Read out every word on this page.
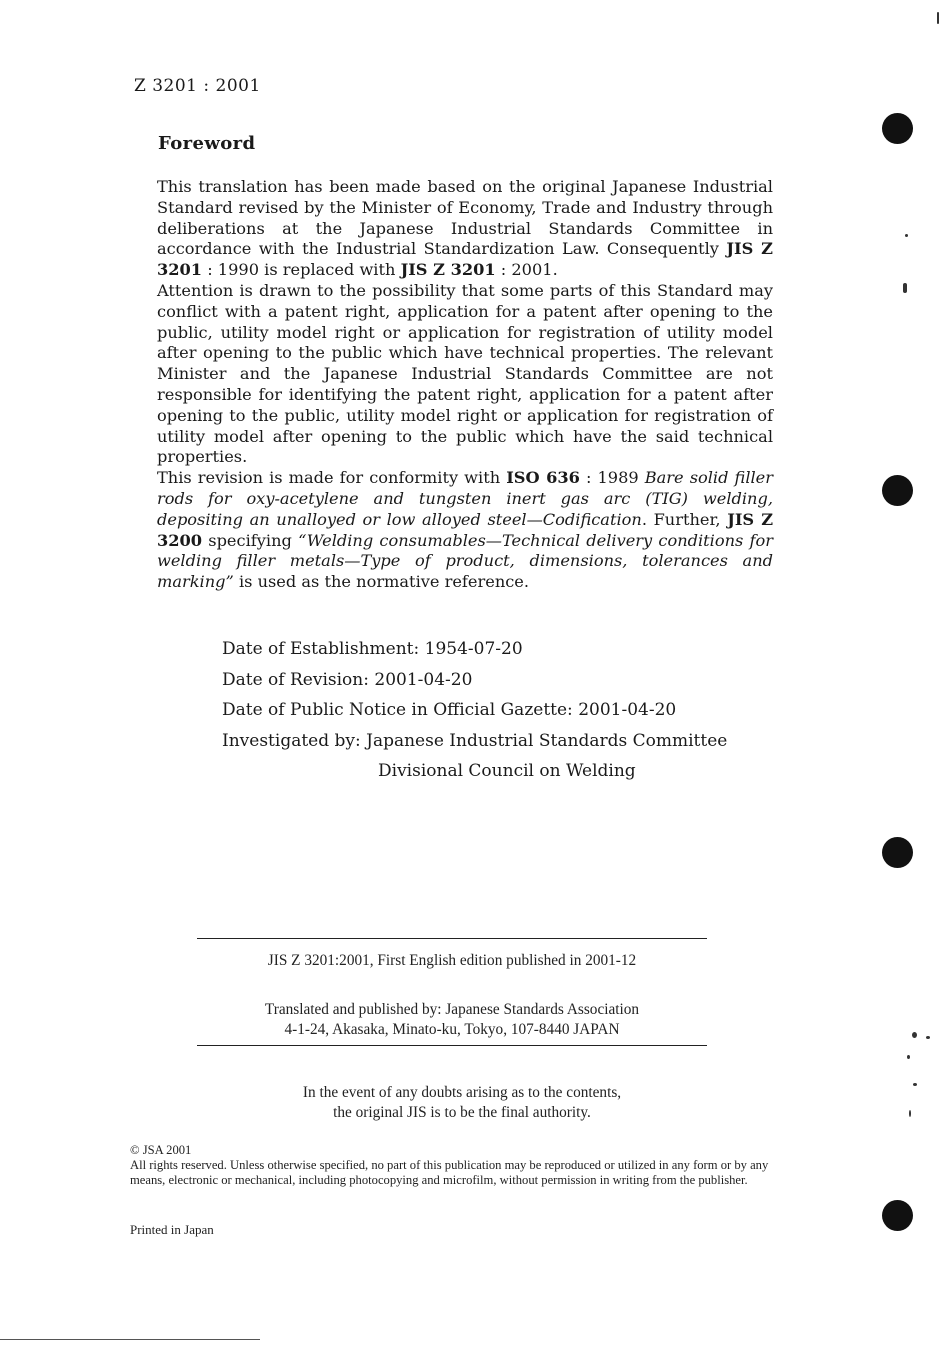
Z 3201 : 2001
Foreword

This translation has been made based on the original Japanese Industrial Standard revised by the Minister of Economy, Trade and Industry through deliberations at the Japanese Industrial Standards Committee in accordance with the Industrial Standardization Law. Consequently JIS Z 3201 : 1990 is replaced with JIS Z 3201 : 2001.

Attention is drawn to the possibility that some parts of this Standard may conflict with a patent right, application for a patent after opening to the public, utility model right or application for registration of utility model after opening to the public which have technical properties. The relevant Minister and the Japanese Industrial Standards Committee are not responsible for identifying the patent right, application for a patent after opening to the public, utility model right or application for registration of utility model after opening to the public which have the said technical properties.

This revision is made for conformity with ISO 636 : 1989 Bare solid filler rods for oxy-acetylene and tungsten inert gas arc (TIG) welding, depositing an unalloyed or low alloyed steel—Codification. Further, JIS Z 3200 specifying “Welding consumables—Technical delivery conditions for welding filler metals—Type of product, dimensions, tolerances and marking” is used as the normative reference.

Date of Establishment: 1954-07-20
Date of Revision: 2001-04-20
Date of Public Notice in Official Gazette: 2001-04-20
Investigated by: Japanese Industrial Standards Committee
Divisional Council on Welding
JIS Z 3201:2001, First English edition published in 2001-12
Translated and published by: Japanese Standards Association
4-1-24, Akasaka, Minato-ku, Tokyo, 107-8440 JAPAN
In the event of any doubts arising as to the contents,
the original JIS is to be the final authority.

© JSA 2001

All rights reserved. Unless otherwise specified, no part of this publication may be reproduced or utilized in any form or by any means, electronic or mechanical, including photocopying and microfilm, without permission in writing from the publisher.

Printed in Japan
